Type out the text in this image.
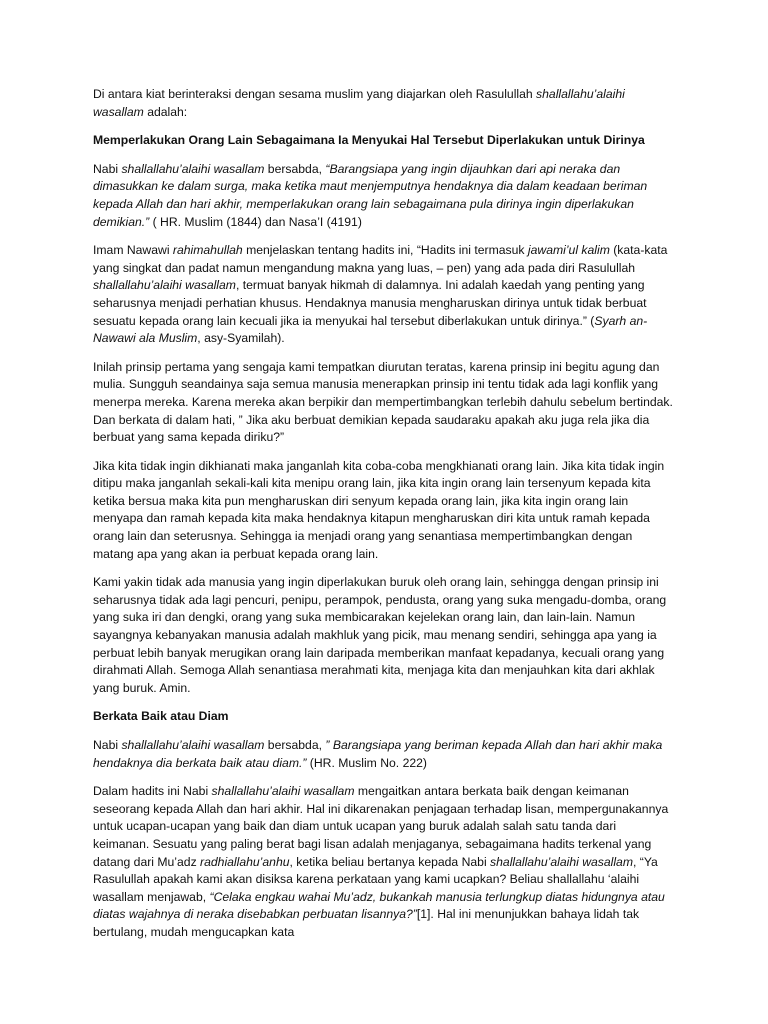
Di antara kiat berinteraksi dengan sesama muslim yang diajarkan oleh Rasulullah shallallahu’alaihi wasallam adalah:

Memperlakukan Orang Lain Sebagaimana Ia Menyukai Hal Tersebut Diperlakukan untuk Dirinya

Nabi shallallahu’alaihi wasallam bersabda, “Barangsiapa yang ingin dijauhkan dari api neraka dan dimasukkan ke dalam surga, maka ketika maut menjemputnya hendaknya dia dalam keadaan beriman kepada Allah dan hari akhir, memperlakukan orang lain sebagaimana pula dirinya ingin diperlakukan demikian.” ( HR. Muslim (1844) dan Nasa’I (4191)

Imam Nawawi rahimahullah menjelaskan tentang hadits ini, “Hadits ini termasuk jawami’ul kalim (kata-kata yang singkat dan padat namun mengandung makna yang luas, – pen) yang ada pada diri Rasulullah shallallahu’alaihi wasallam, termuat banyak hikmah di dalamnya. Ini adalah kaedah yang penting yang seharusnya menjadi perhatian khusus. Hendaknya manusia mengharuskan dirinya untuk tidak berbuat sesuatu kepada orang lain kecuali jika ia menyukai hal tersebut diberlakukan untuk dirinya.” (Syarh an-Nawawi ala Muslim, asy-Syamilah).

Inilah prinsip pertama yang sengaja kami tempatkan diurutan teratas, karena prinsip ini begitu agung dan mulia. Sungguh seandainya saja semua manusia menerapkan prinsip ini tentu tidak ada lagi konflik yang menerpa mereka. Karena mereka akan berpikir dan mempertimbangkan terlebih dahulu sebelum bertindak. Dan berkata di dalam hati, ” Jika aku berbuat demikian kepada saudaraku apakah aku juga rela jika dia berbuat yang sama kepada diriku?”

Jika kita tidak ingin dikhianati maka janganlah kita coba-coba mengkhianati orang lain. Jika kita tidak ingin ditipu maka janganlah sekali-kali kita menipu orang lain, jika kita ingin orang lain tersenyum kepada kita ketika bersua maka kita pun mengharuskan diri senyum kepada orang lain, jika kita ingin orang lain menyapa dan ramah kepada kita maka hendaknya kitapun mengharuskan diri kita untuk ramah kepada orang lain dan seterusnya. Sehingga ia menjadi orang yang senantiasa mempertimbangkan dengan matang apa yang akan ia perbuat kepada orang lain.

Kami yakin tidak ada manusia yang ingin diperlakukan buruk oleh orang lain, sehingga dengan prinsip ini seharusnya tidak ada lagi pencuri, penipu, perampok, pendusta, orang yang suka mengadu-domba, orang yang suka iri dan dengki, orang yang suka membicarakan kejelekan orang lain, dan lain-lain. Namun sayangnya kebanyakan manusia adalah makhluk yang picik, mau menang sendiri, sehingga apa yang ia perbuat lebih banyak merugikan orang lain daripada memberikan manfaat kepadanya, kecuali orang yang dirahmati Allah. Semoga Allah senantiasa merahmati kita, menjaga kita dan menjauhkan kita dari akhlak yang buruk. Amin.

Berkata Baik atau Diam

Nabi shallallahu’alaihi wasallam bersabda, ” Barangsiapa yang beriman kepada Allah dan hari akhir maka hendaknya dia berkata baik atau diam.” (HR. Muslim No. 222)

Dalam hadits ini Nabi shallallahu’alaihi wasallam mengaitkan antara berkata baik dengan keimanan seseorang kepada Allah dan hari akhir. Hal ini dikarenakan penjagaan terhadap lisan, mempergunakannya untuk ucapan-ucapan yang baik dan diam untuk ucapan yang buruk adalah salah satu tanda dari keimanan. Sesuatu yang paling berat bagi lisan adalah menjaganya, sebagaimana hadits terkenal yang datang dari Mu’adz radhiallahu’anhu, ketika beliau bertanya kepada Nabi shallallahu’alaihi wasallam, “Ya Rasulullah apakah kami akan disiksa karena perkataan yang kami ucapkan? Beliau shallallahu ‘alaihi wasallam menjawab, “Celaka engkau wahai Mu’adz, bukankah manusia terlungkup diatas hidungnya atau diatas wajahnya di neraka disebabkan perbuatan lisannya?”[1]. Hal ini menunjukkan bahaya lidah tak bertulang, mudah mengucapkan kata
